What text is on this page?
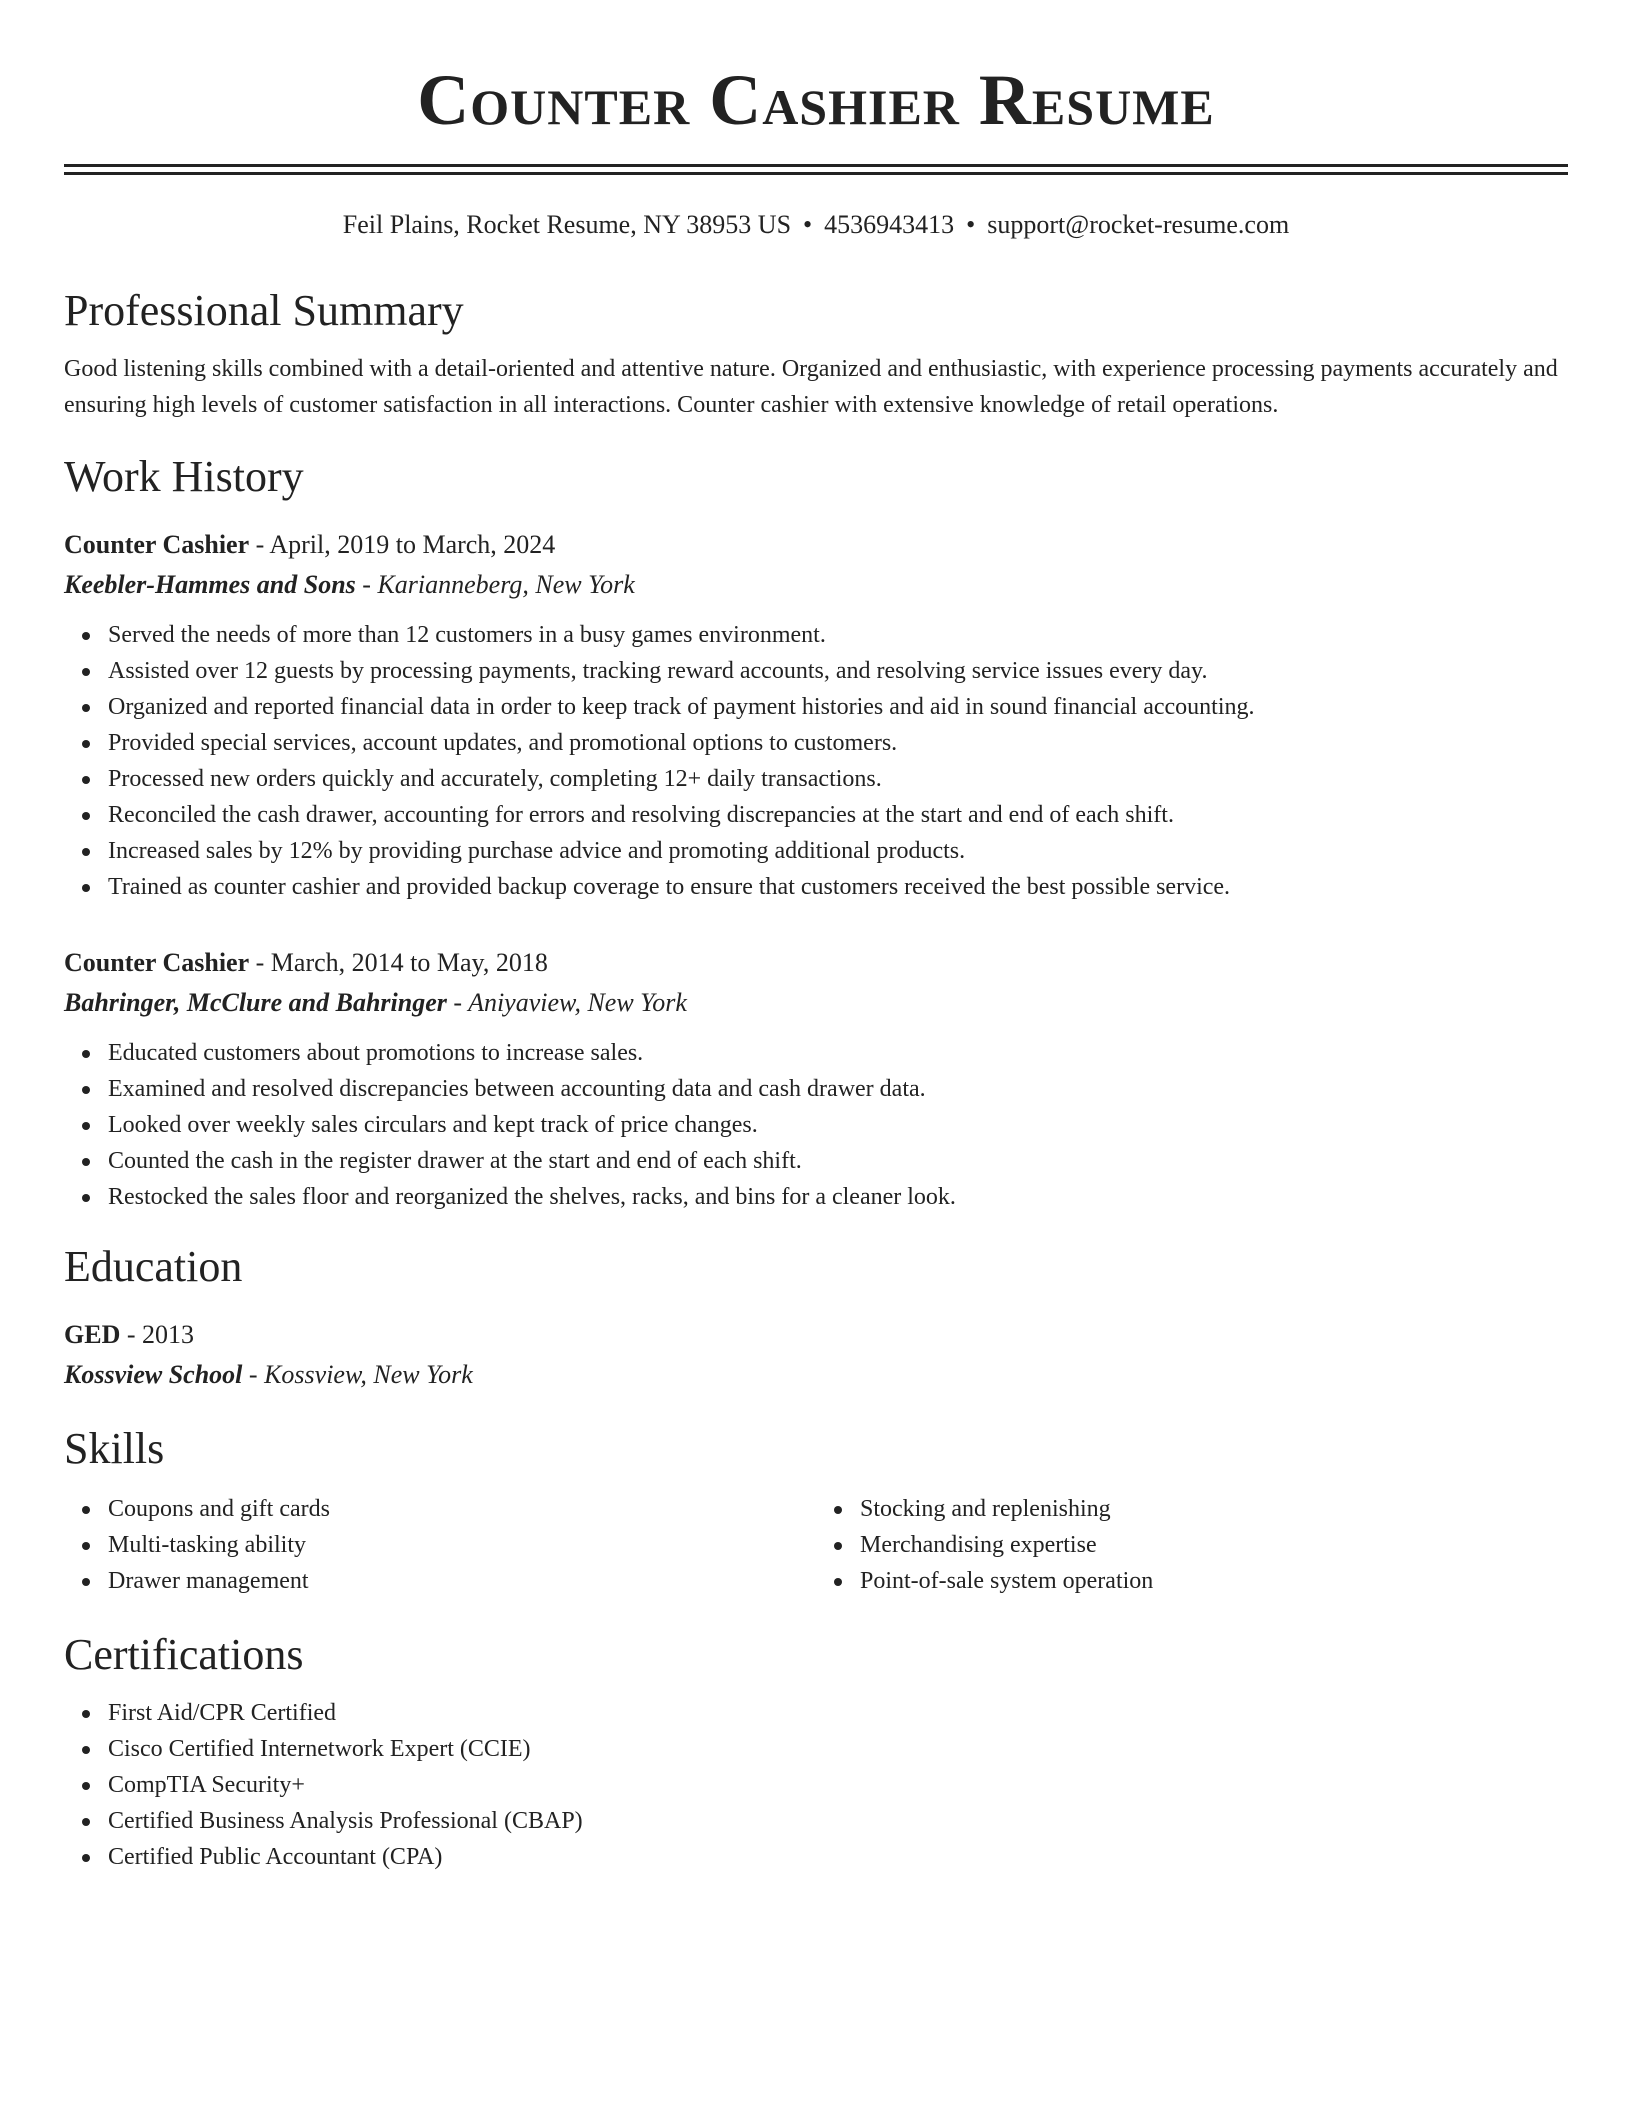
Counter Cashier Resume
Feil Plains, Rocket Resume, NY 38953 US • 4536943413 • support@rocket-resume.com
Professional Summary

Good listening skills combined with a detail-oriented and attentive nature. Organized and enthusiastic, with experience processing payments accurately and ensuring high levels of customer satisfaction in all interactions. Counter cashier with extensive knowledge of retail operations.

Work History
Counter Cashier - April, 2019 to March, 2024
Keebler-Hammes and Sons - Karianneberg, New York
Served the needs of more than 12 customers in a busy games environment.
Assisted over 12 guests by processing payments, tracking reward accounts, and resolving service issues every day.
Organized and reported financial data in order to keep track of payment histories and aid in sound financial accounting.
Provided special services, account updates, and promotional options to customers.
Processed new orders quickly and accurately, completing 12+ daily transactions.
Reconciled the cash drawer, accounting for errors and resolving discrepancies at the start and end of each shift.
Increased sales by 12% by providing purchase advice and promoting additional products.
Trained as counter cashier and provided backup coverage to ensure that customers received the best possible service.
Counter Cashier - March, 2014 to May, 2018
Bahringer, McClure and Bahringer - Aniyaview, New York
Educated customers about promotions to increase sales.
Examined and resolved discrepancies between accounting data and cash drawer data.
Looked over weekly sales circulars and kept track of price changes.
Counted the cash in the register drawer at the start and end of each shift.
Restocked the sales floor and reorganized the shelves, racks, and bins for a cleaner look.
Education
GED - 2013
Kossview School - Kossview, New York
Skills
Coupons and gift cards
Multi-tasking ability
Drawer management
Stocking and replenishing
Merchandising expertise
Point-of-sale system operation
Certifications
First Aid/CPR Certified
Cisco Certified Internetwork Expert (CCIE)
CompTIA Security+
Certified Business Analysis Professional (CBAP)
Certified Public Accountant (CPA)
